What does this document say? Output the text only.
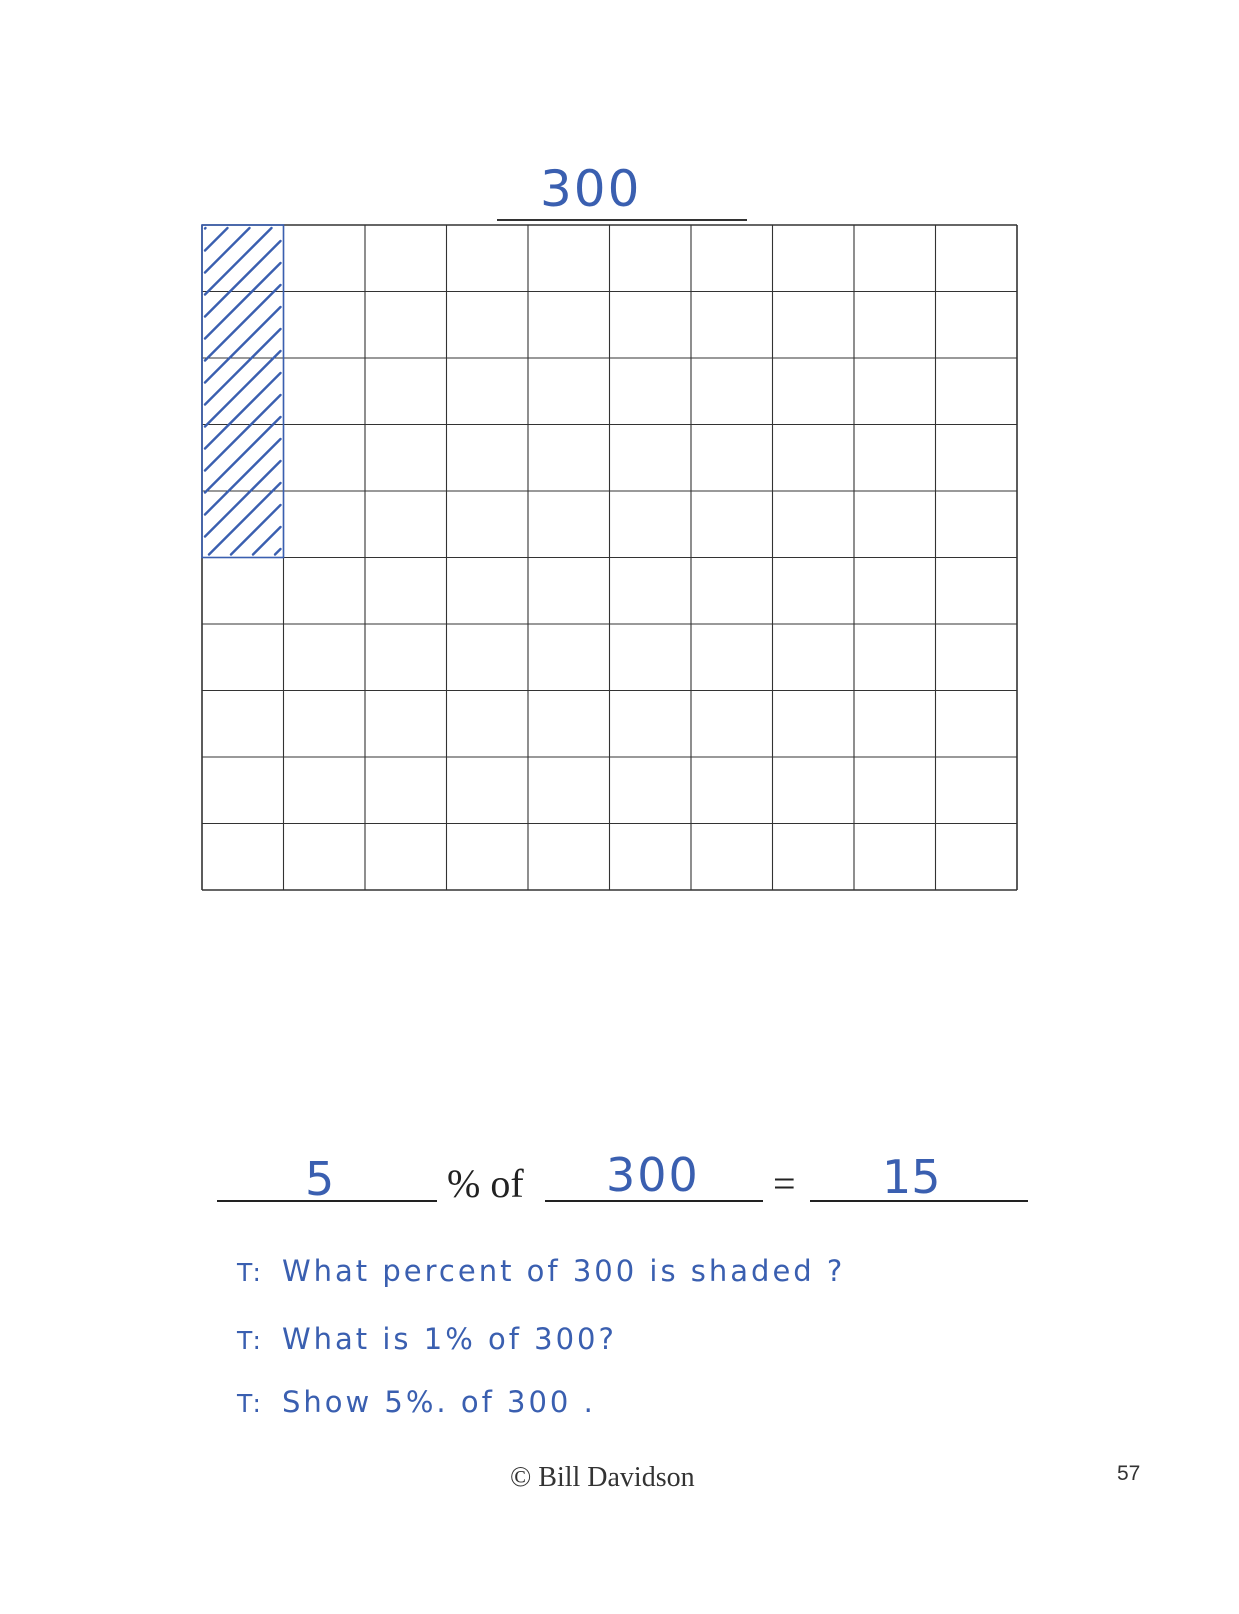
300
5	% of 300 = 15
T: What percent of 300 is shaded ?
T: What is 1% of 300?
T: Show 5%. of 300 .
© Bill Davidson	57
